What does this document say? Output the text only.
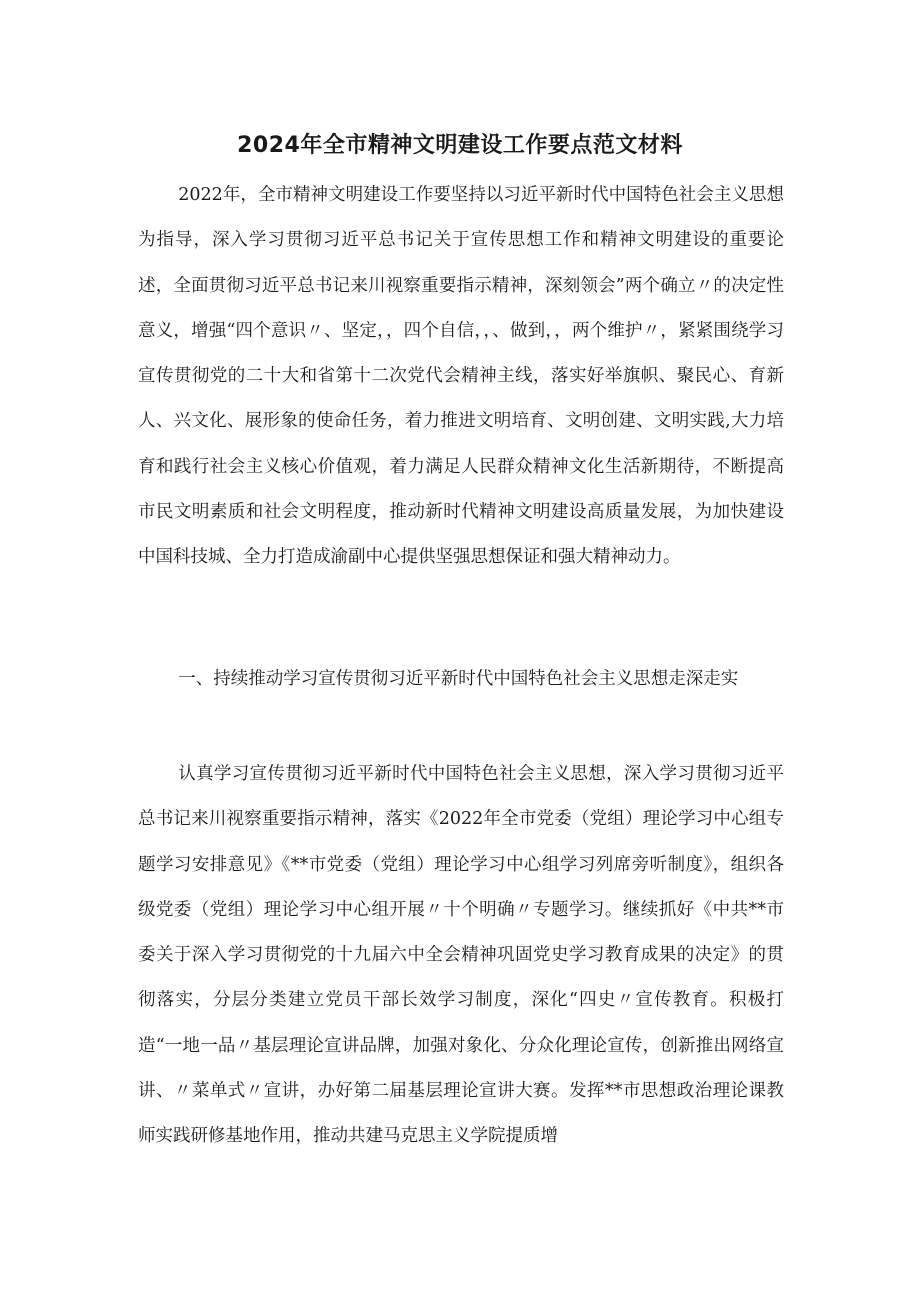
2024年全市精神文明建设工作要点范文材料

2022年，全市精神文明建设工作要坚持以习近平新时代中国特色社会主义思想为指导，深入学习贯彻习近平总书记关于宣传思想工作和精神文明建设的重要论述，全面贯彻习近平总书记来川视察重要指示精神，深刻领会”两个确立〃的决定性意义，增强“四个意识〃、坚定，，四个自信，，、做到，，两个维护〃，紧紧围绕学习宣传贯彻党的二十大和省第十二次党代会精神主线，落实好举旗帜、聚民心、育新人、兴文化、展形象的使命任务，着力推进文明培育、文明创建、文明实践,大力培育和践行社会主义核心价值观，着力满足人民群众精神文化生活新期待，不断提高市民文明素质和社会文明程度，推动新时代精神文明建设高质量发展，为加快建设中国科技城、全力打造成渝副中心提供坚强思想保证和强大精神动力。

一、持续推动学习宣传贯彻习近平新时代中国特色社会主义思想走深走实

认真学习宣传贯彻习近平新时代中国特色社会主义思想，深入学习贯彻习近平总书记来川视察重要指示精神，落实《2022年全市党委（党组）理论学习中心组专题学习安排意见》《**市党委（党组）理论学习中心组学习列席旁听制度》，组织各级党委（党组）理论学习中心组开展〃十个明确〃专题学习。继续抓好《中共**市委关于深入学习贯彻党的十九届六中全会精神巩固党史学习教育成果的决定》的贯彻落实，分层分类建立党员干部长效学习制度，深化“四史〃宣传教育。积极打造“一地一品〃基层理论宣讲品牌，加强对象化、分众化理论宣传，创新推出网络宣讲、〃菜单式〃宣讲，办好第二届基层理论宣讲大赛。发挥**市思想政治理论课教师实践研修基地作用，推动共建马克思主义学院提质增
